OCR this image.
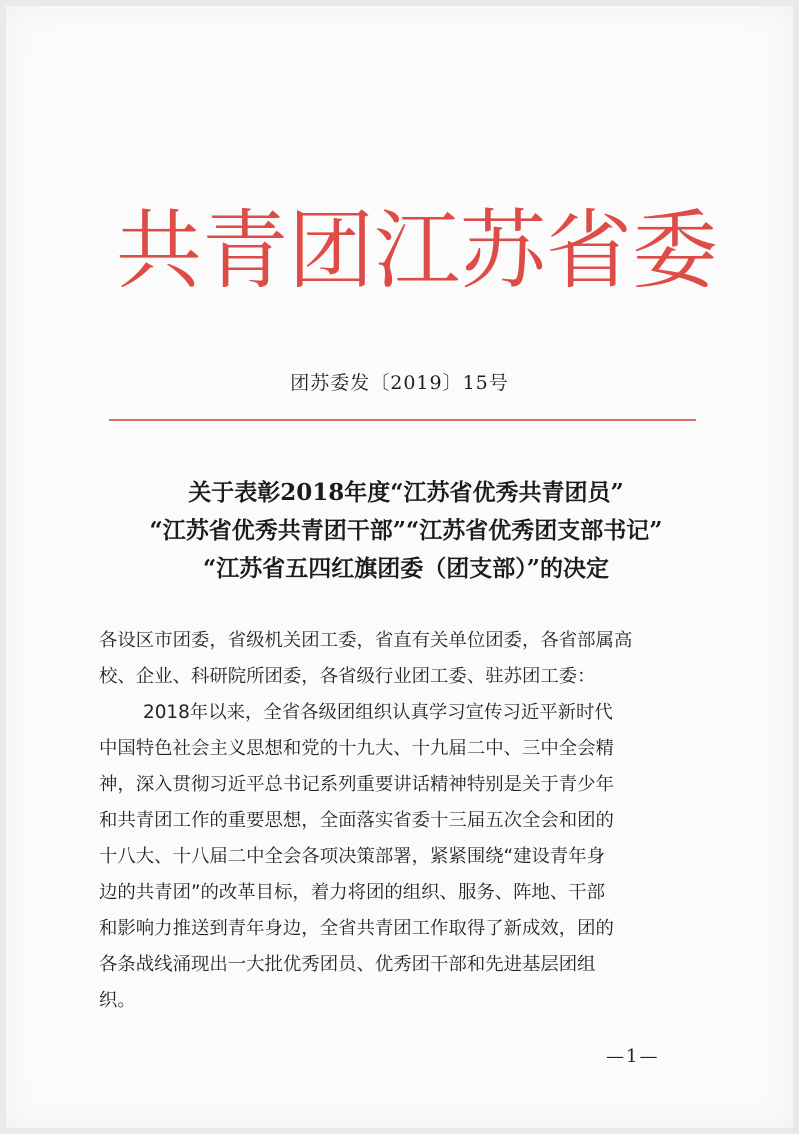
共 青 团 江 苏 省 委
团苏委发〔2019〕15号
关于表彰2018年度“江苏省优秀共青团员”
“江苏省优秀共青团干部”“江苏省优秀团支部书记”
“江苏省五四红旗团委（团支部）”的决定
各设区市团委，省级机关团工委，省直有关单位团委，各省部属高
校、企业、科研院所团委，各省级行业团工委、驻苏团工委：
2018年以来，全省各级团组织认真学习宣传习近平新时代
中国特色社会主义思想和党的十九大、十九届二中、三中全会精
神，深入贯彻习近平总书记系列重要讲话精神特别是关于青少年
和共青团工作的重要思想，全面落实省委十三届五次全会和团的
十八大、十八届二中全会各项决策部署，紧紧围绕“建设青年身
边的共青团”的改革目标，着力将团的组织、服务、阵地、干部
和影响力推送到青年身边，全省共青团工作取得了新成效，团的
各条战线涌现出一大批优秀团员、优秀团干部和先进基层团组
织。
—1—
